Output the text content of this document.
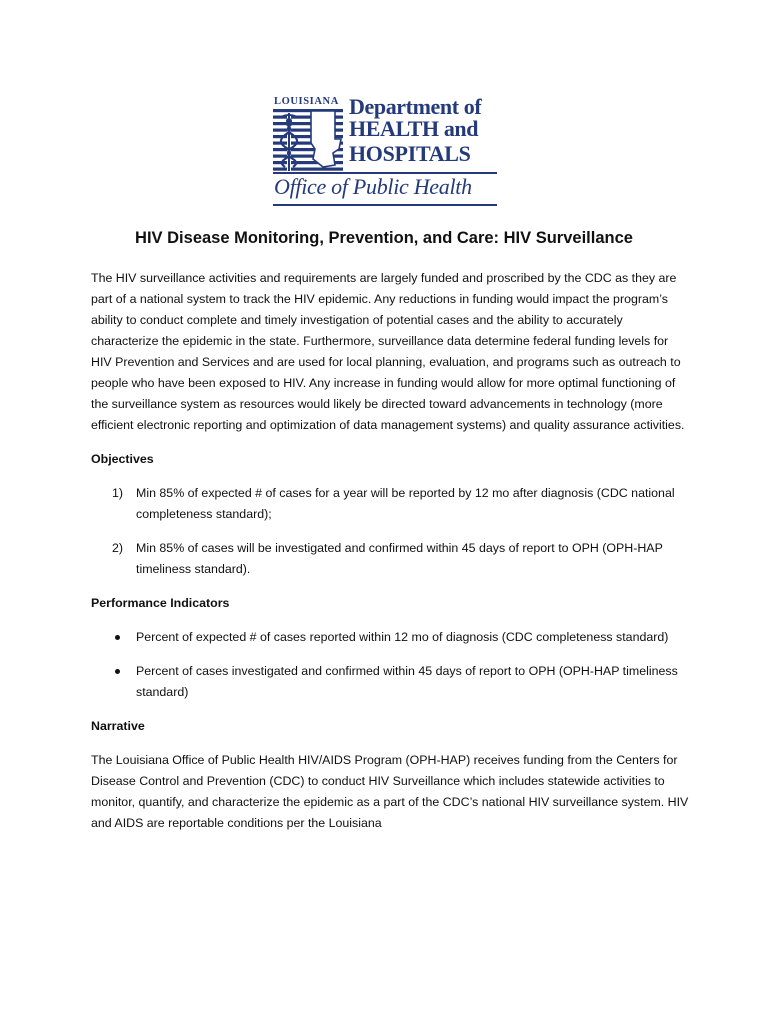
LOUISIANA Department of
HEALTH and
HOSPITALS
Office of Public Health
HIV Disease Monitoring, Prevention, and Care: HIV Surveillance

The HIV surveillance activities and requirements are largely funded and proscribed by the CDC as they are part of a national system to track the HIV epidemic. Any reductions in funding would impact the program’s ability to conduct complete and timely investigation of potential cases and the ability to accurately characterize the epidemic in the state. Furthermore, surveillance data determine federal funding levels for HIV Prevention and Services and are used for local planning, evaluation, and programs such as outreach to people who have been exposed to HIV. Any increase in funding would allow for more optimal functioning of the surveillance system as resources would likely be directed toward advancements in technology (more efficient electronic reporting and optimization of data management systems) and quality assurance activities.

Objectives

1) Min 85% of expected # of cases for a year will be reported by 12 mo after diagnosis (CDC national completeness standard);
2) Min 85% of cases will be investigated and confirmed within 45 days of report to OPH (OPH-HAP timeliness standard).

Performance Indicators

Percent of expected # of cases reported within 12 mo of diagnosis (CDC completeness standard)
Percent of cases investigated and confirmed within 45 days of report to OPH (OPH-HAP timeliness standard)

Narrative

The Louisiana Office of Public Health HIV/AIDS Program (OPH-HAP) receives funding from the Centers for Disease Control and Prevention (CDC) to conduct HIV Surveillance which includes statewide activities to monitor, quantify, and characterize the epidemic as a part of the CDC’s national HIV surveillance system. HIV and AIDS are reportable conditions per the Louisiana
